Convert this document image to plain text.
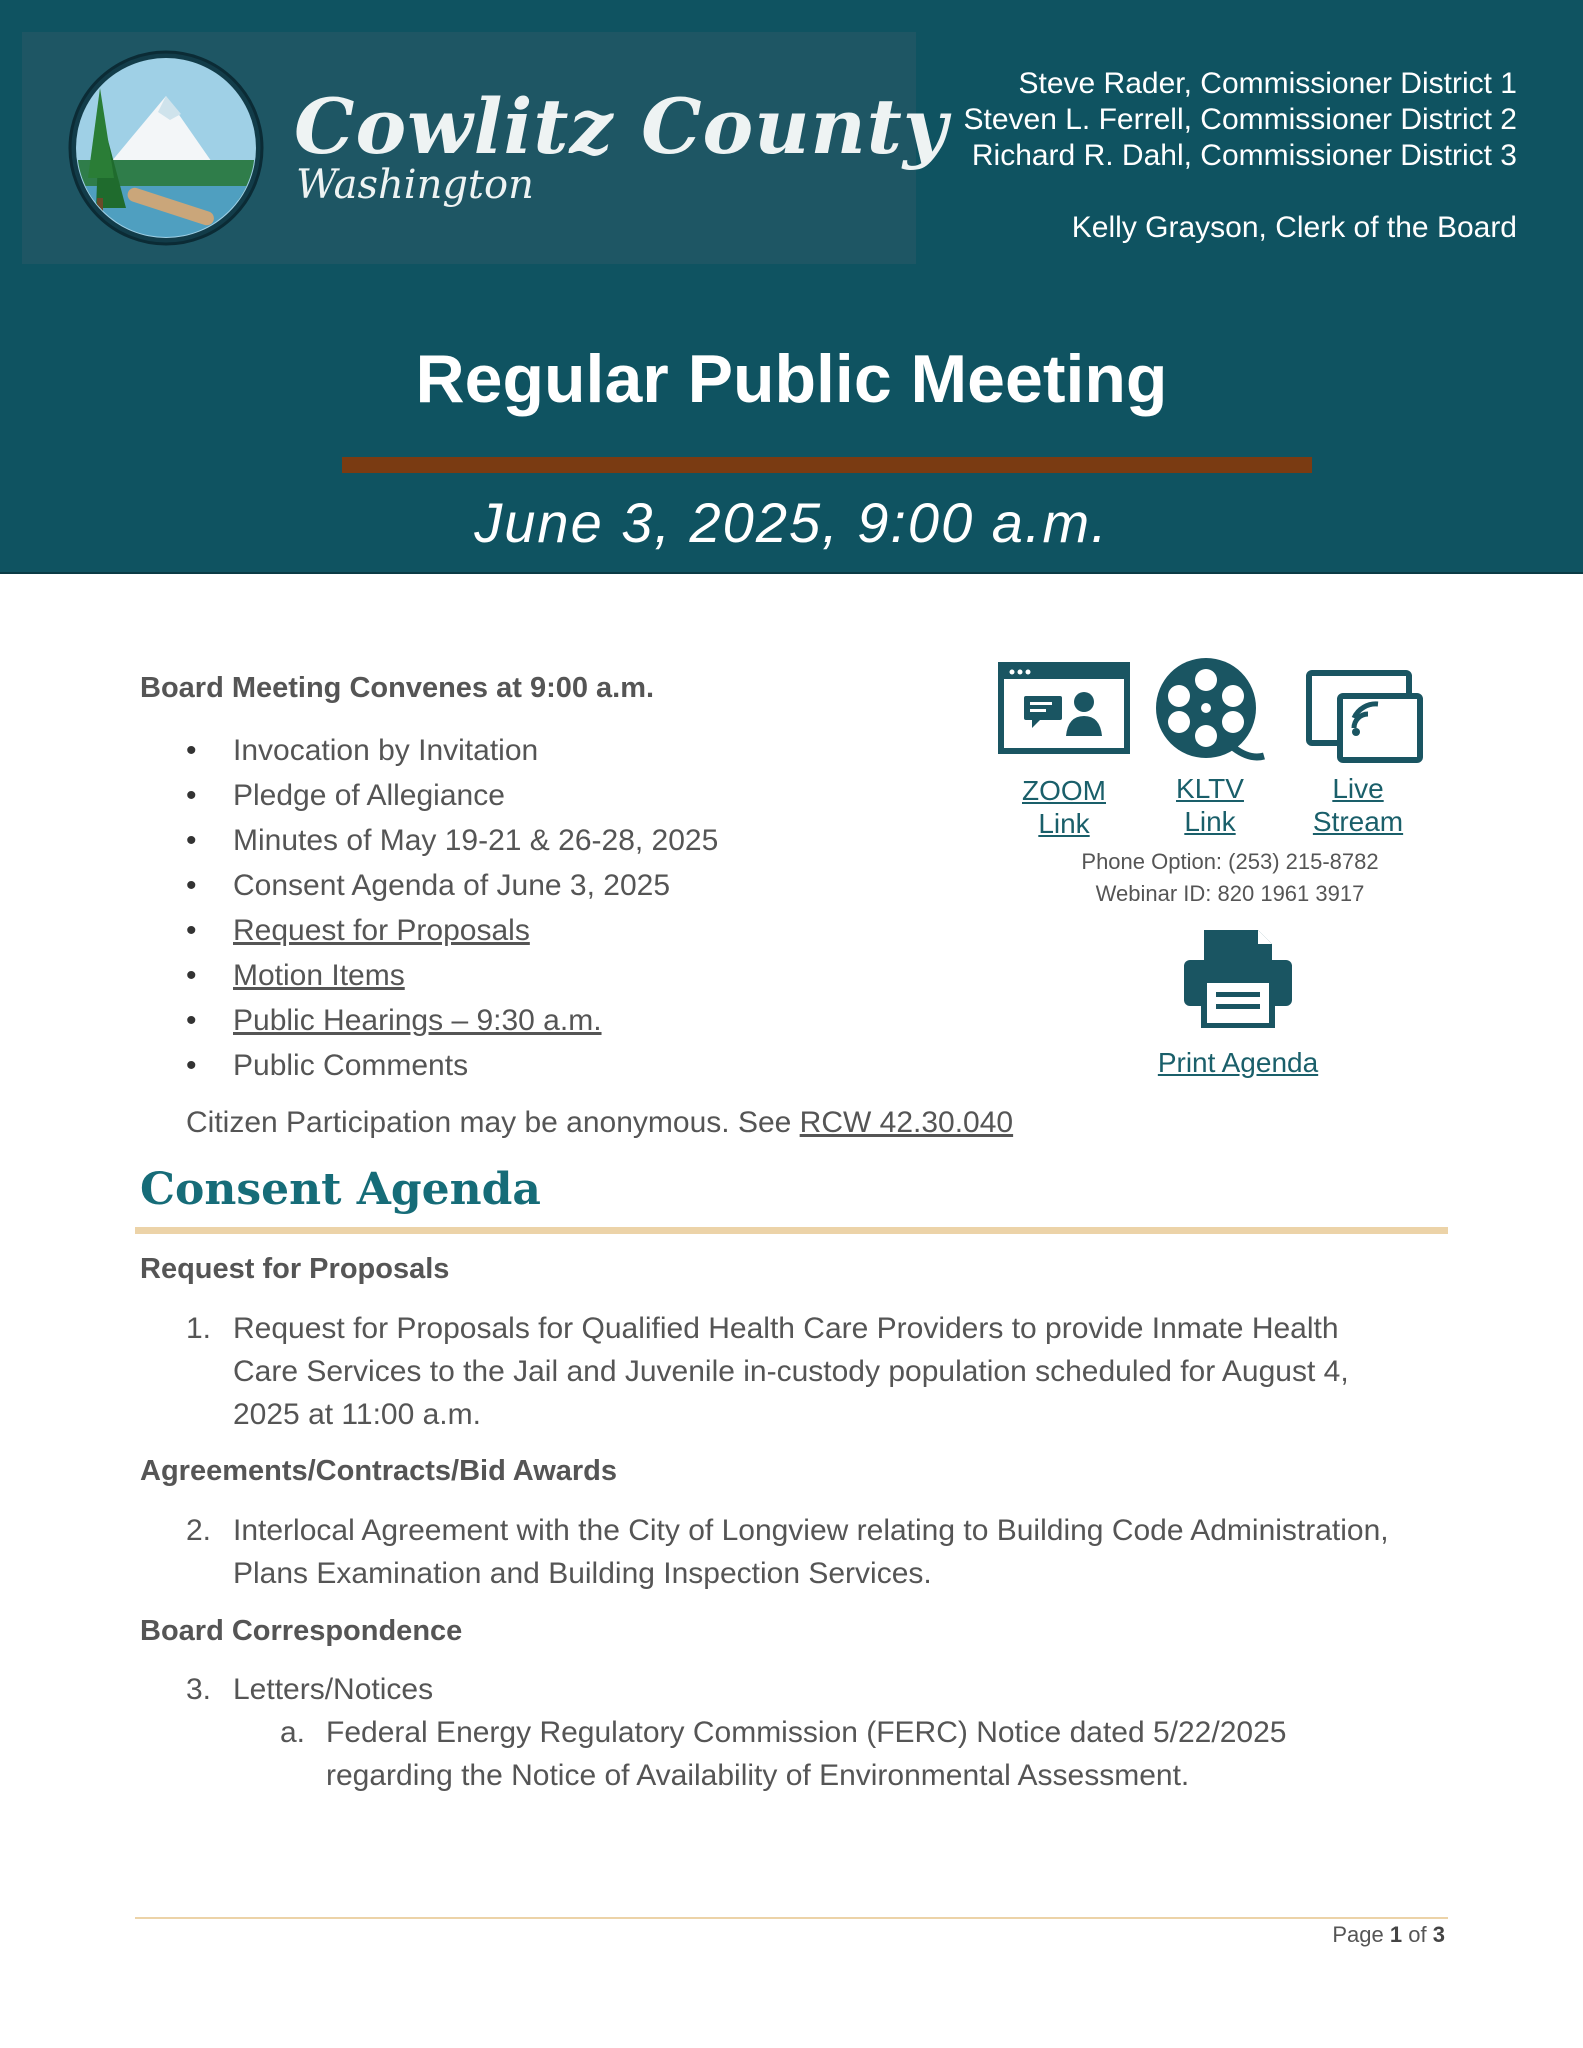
Cowlitz County
Washington
Steve Rader, Commissioner District 1
Steven L. Ferrell, Commissioner District 2
Richard R. Dahl, Commissioner District 3
Kelly Grayson, Clerk of the Board
Regular Public Meeting
June 3, 2025, 9:00 a.m.
Board Meeting Convenes at 9:00 a.m.
• Invocation by Invitation
• Pledge of Allegiance
• Minutes of May 19-21 & 26-28, 2025
• Consent Agenda of June 3, 2025
• Request for Proposals
• Motion Items
• Public Hearings – 9:30 a.m.
• Public Comments
Citizen Participation may be anonymous. See RCW 42.30.040
ZOOM
Link
KLTV
Link
Live
Stream
Phone Option: (253) 215-8782
Webinar ID: 820 1961 3917
Print Agenda
Consent Agenda
Request for Proposals
1. Request for Proposals for Qualified Health Care Providers to provide Inmate Health
Care Services to the Jail and Juvenile in-custody population scheduled for August 4,
2025 at 11:00 a.m.
Agreements/Contracts/Bid Awards
2. Interlocal Agreement with the City of Longview relating to Building Code Administration,
Plans Examination and Building Inspection Services.
Board Correspondence
3. Letters/Notices
a. Federal Energy Regulatory Commission (FERC) Notice dated 5/22/2025
regarding the Notice of Availability of Environmental Assessment.
Page 1 of 3
